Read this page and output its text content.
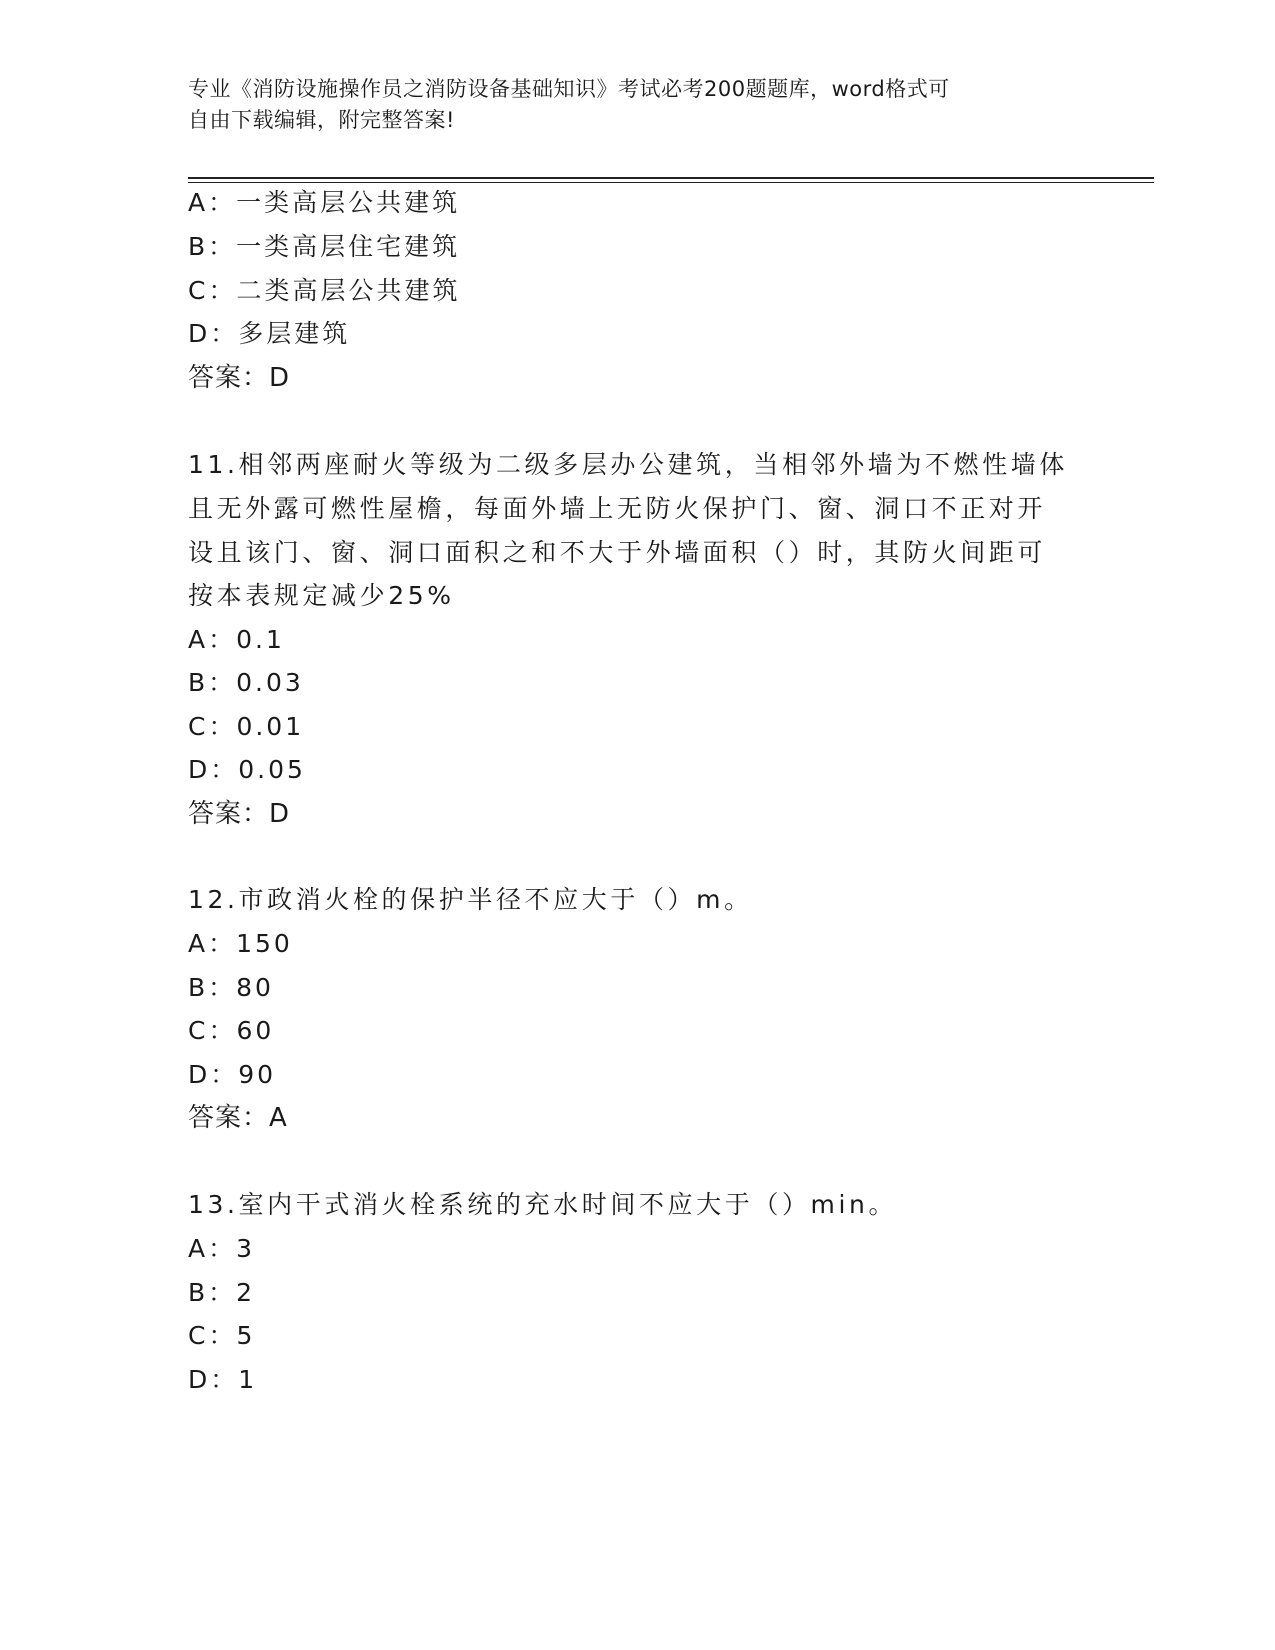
专业《消防设施操作员之消防设备基础知识》考试必考200题题库，word格式可
自由下载编辑，附完整答案!
A：一类高层公共建筑
B：一类高层住宅建筑
C：二类高层公共建筑
D：多层建筑
答案：D
11.相邻两座耐火等级为二级多层办公建筑，当相邻外墙为不燃性墙体
且无外露可燃性屋檐，每面外墙上无防火保护门、窗、洞口不正对开
设且该门、窗、洞口面积之和不大于外墙面积（）时，其防火间距可
按本表规定减少25%
A：0.1
B：0.03
C：0.01
D：0.05
答案：D
12.市政消火栓的保护半径不应大于（）m。
A：150
B：80
C：60
D：90
答案：A
13.室内干式消火栓系统的充水时间不应大于（）min。
A：3
B：2
C：5
D：1
